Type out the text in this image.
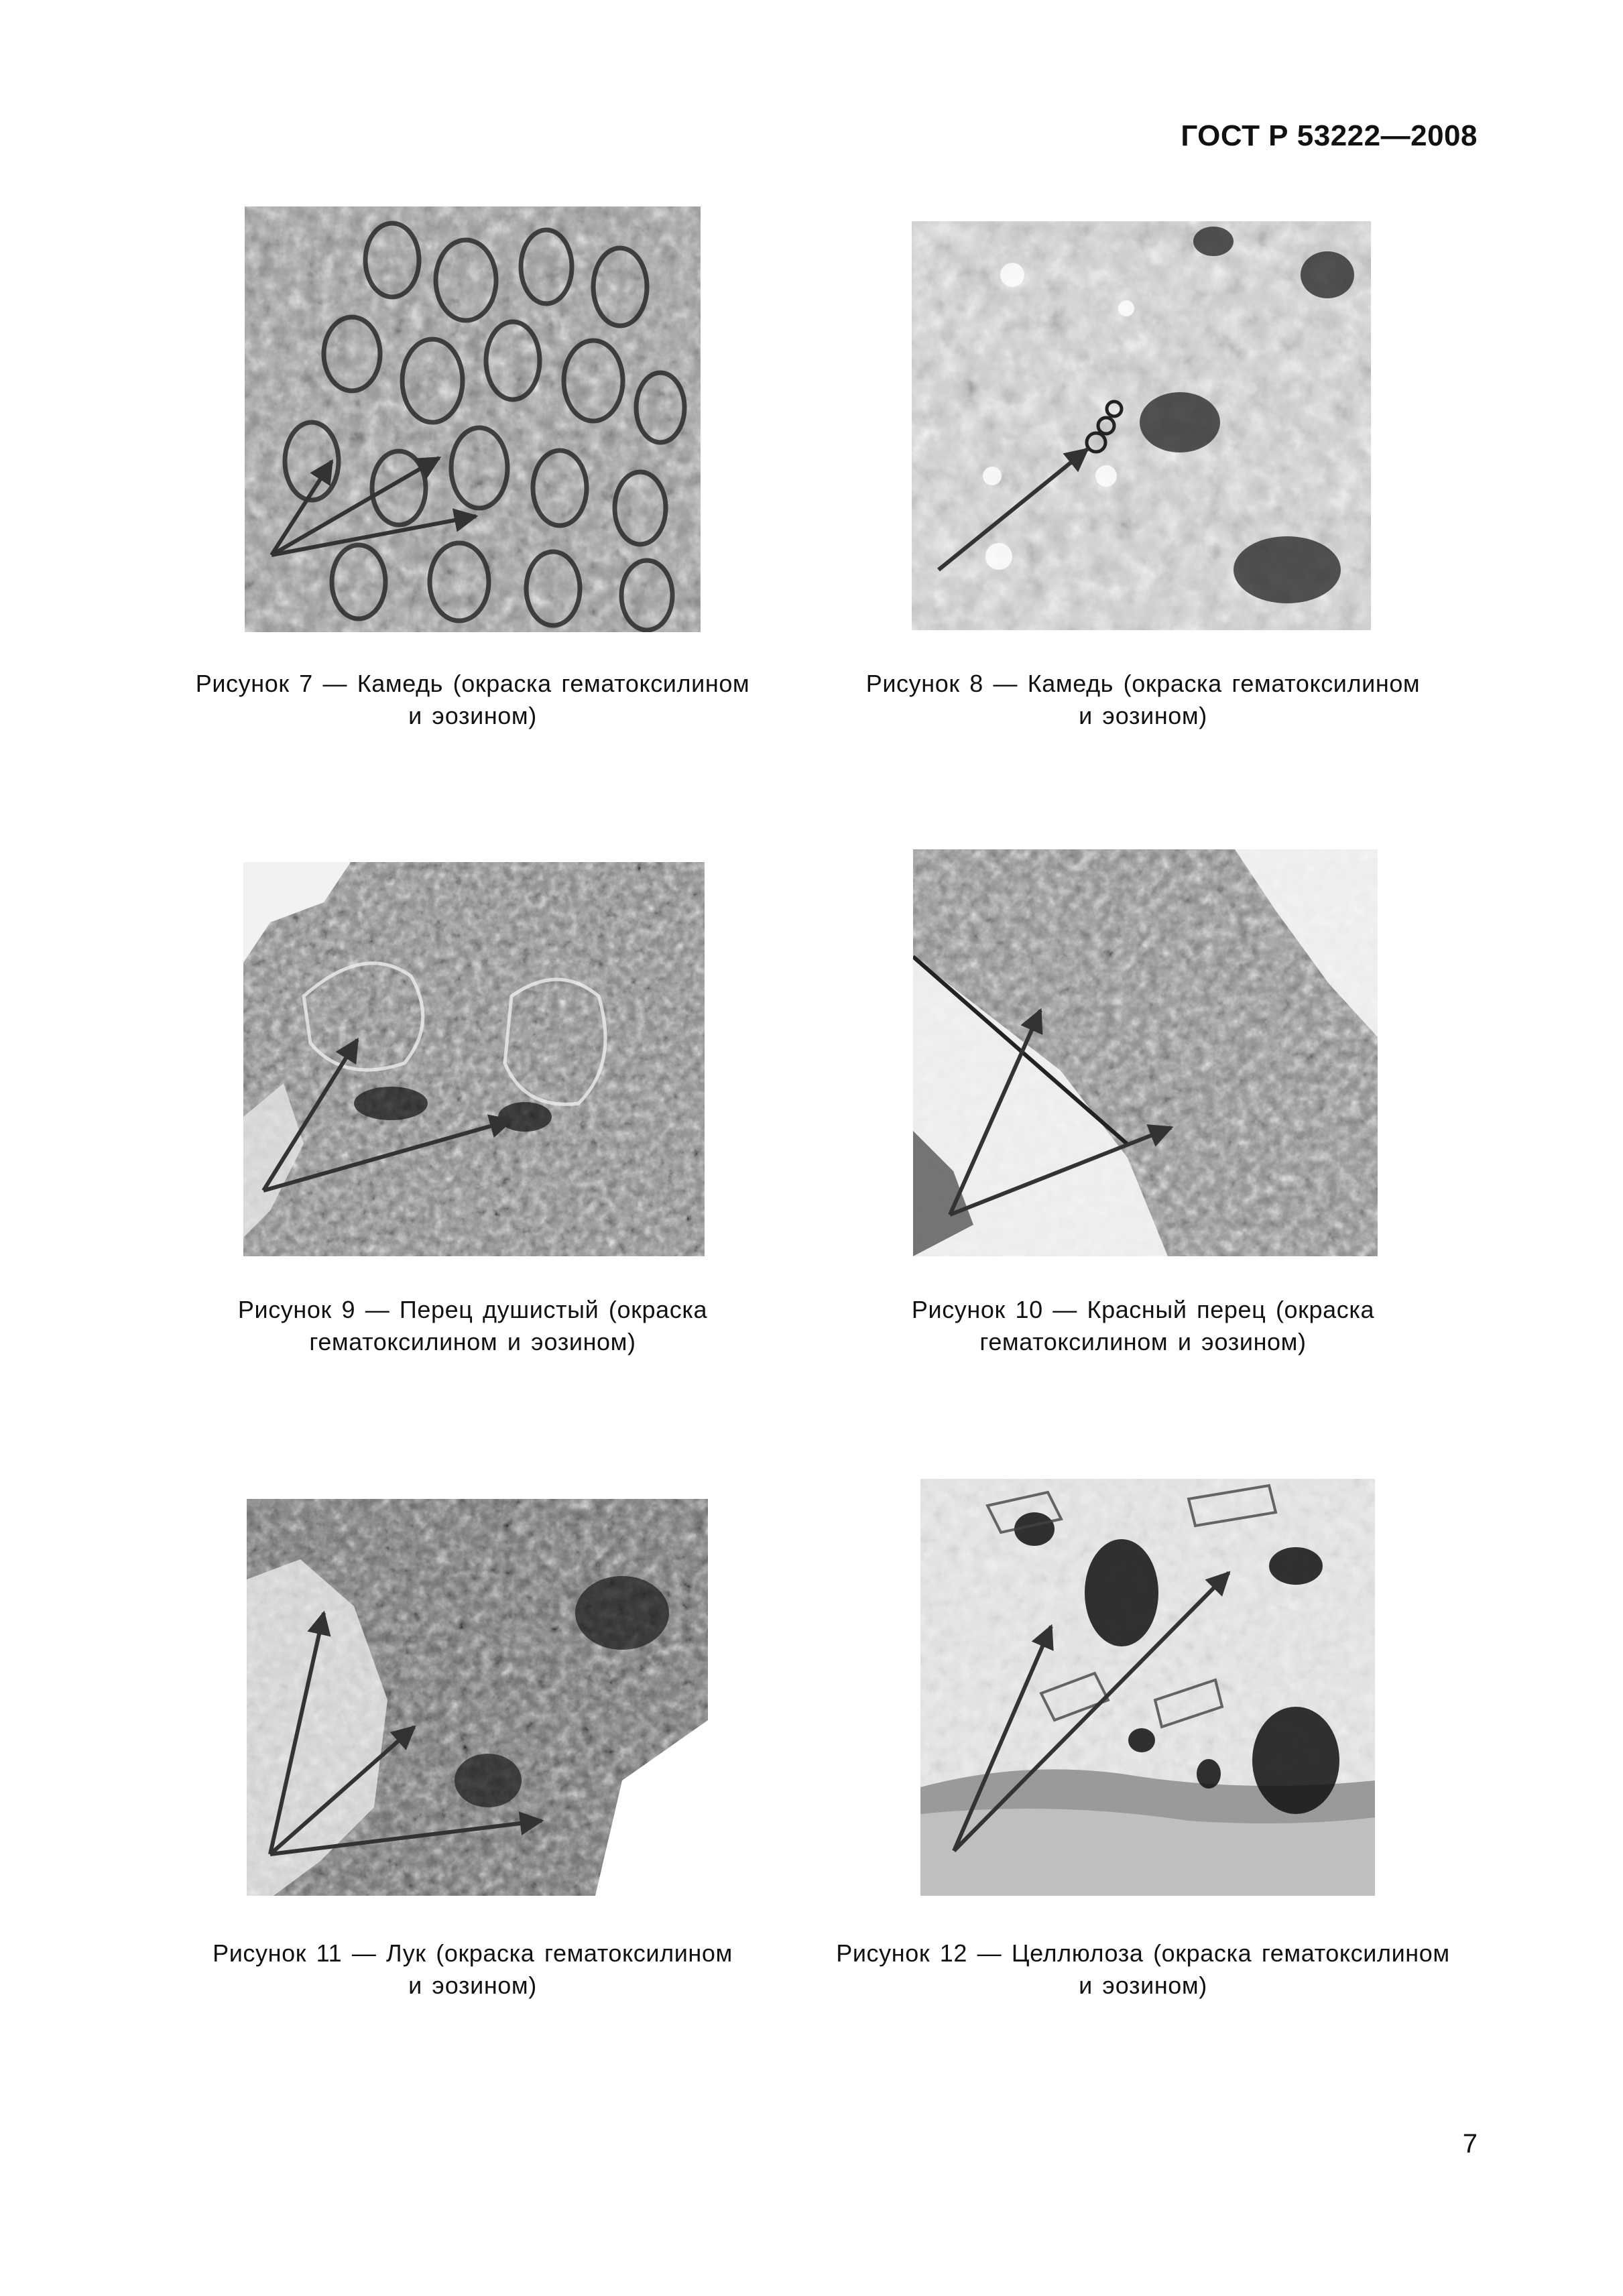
ГОСТ Р 53222—2008
Рисунок 7 — Камедь (окраска гематоксилином
и эозином)
Рисунок 8 — Камедь (окраска гематоксилином
и эозином)
Рисунок 9 — Перец душистый (окраска
гематоксилином и эозином)
Рисунок 10 — Красный перец (окраска
гематоксилином и эозином)
Рисунок 11 — Лук (окраска гематоксилином
и эозином)
Рисунок 12 — Целлюлоза (окраска гематоксилином
и эозином)
7
